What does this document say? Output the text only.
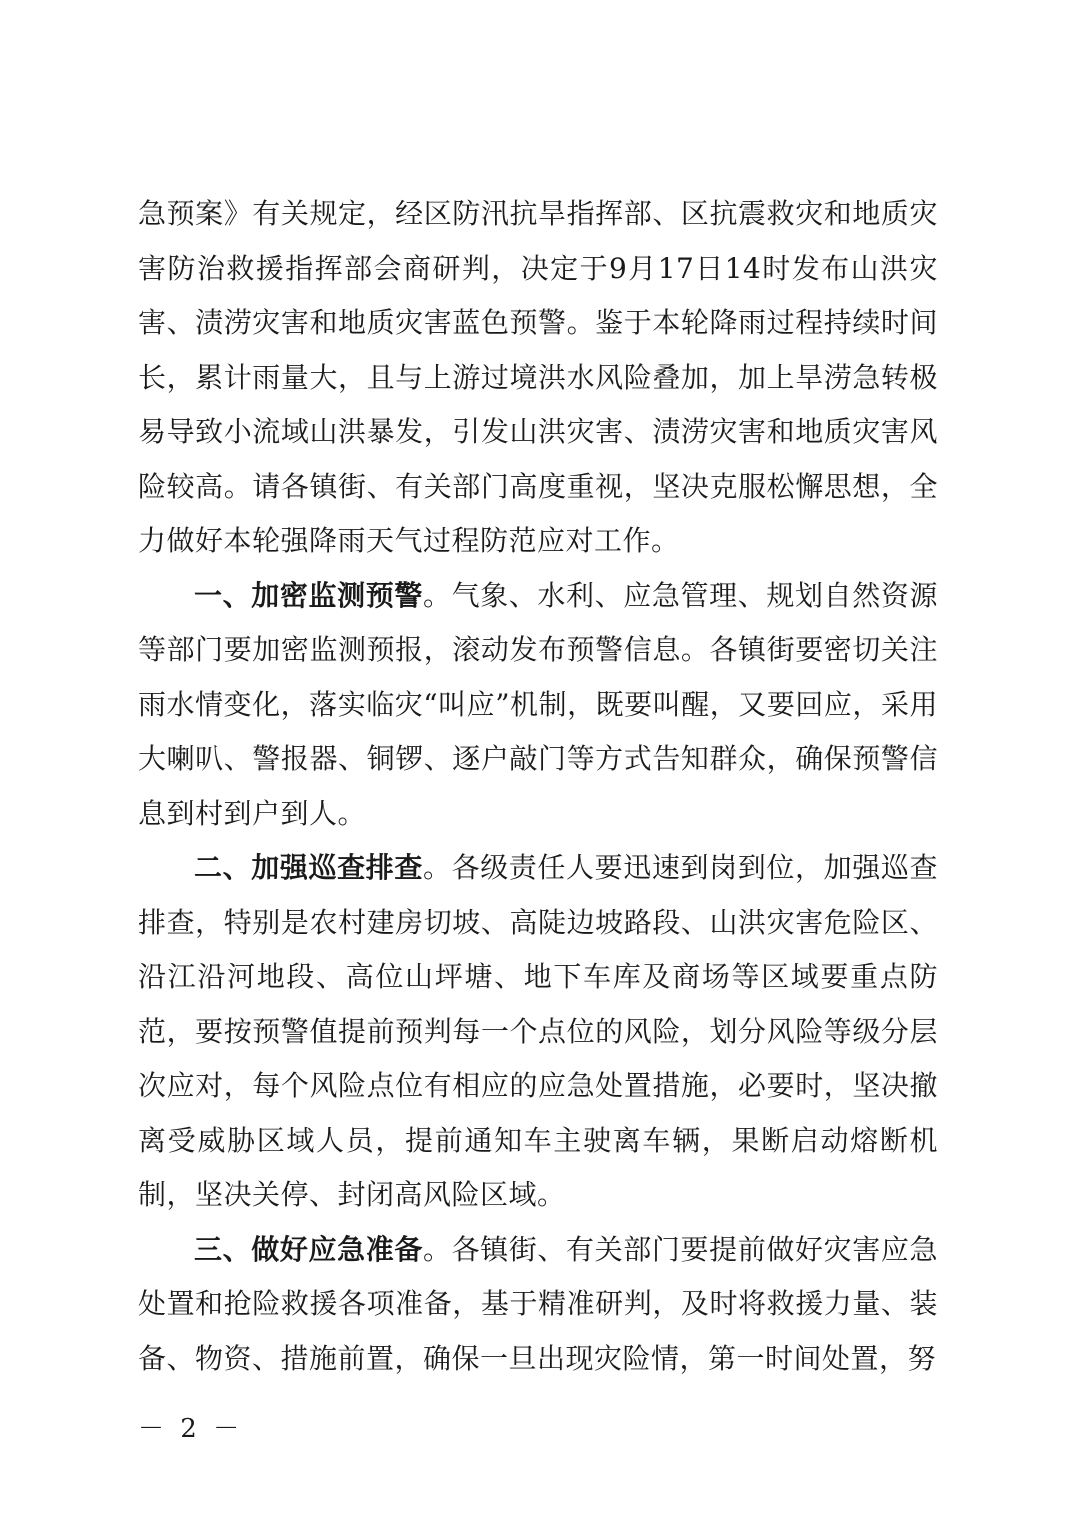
急预案》有关规定，经区防汛抗旱指挥部、区抗震救灾和地质灾害防治救援指挥部会商研判，决定于9月17日14时发布山洪灾害、渍涝灾害和地质灾害蓝色预警。鉴于本轮降雨过程持续时间长，累计雨量大，且与上游过境洪水风险叠加，加上旱涝急转极易导致小流域山洪暴发，引发山洪灾害、渍涝灾害和地质灾害风险较高。请各镇街、有关部门高度重视，坚决克服松懈思想，全力做好本轮强降雨天气过程防范应对工作。

一、加密监测预警。气象、水利、应急管理、规划自然资源等部门要加密监测预报，滚动发布预警信息。各镇街要密切关注雨水情变化，落实临灾“叫应”机制，既要叫醒，又要回应，采用大喇叭、警报器、铜锣、逐户敲门等方式告知群众，确保预警信息到村到户到人。

二、加强巡查排查。各级责任人要迅速到岗到位，加强巡查排查，特别是农村建房切坡、高陡边坡路段、山洪灾害危险区、沿江沿河地段、高位山坪塘、地下车库及商场等区域要重点防范，要按预警值提前预判每一个点位的风险，划分风险等级分层次应对，每个风险点位有相应的应急处置措施，必要时，坚决撤离受威胁区域人员，提前通知车主驶离车辆，果断启动熔断机制，坚决关停、封闭高风险区域。

三、做好应急准备。各镇街、有关部门要提前做好灾害应急处置和抢险救援各项准备，基于精准研判，及时将救援力量、装备、物资、措施前置，确保一旦出现灾险情，第一时间处置，努

－ 2 －
